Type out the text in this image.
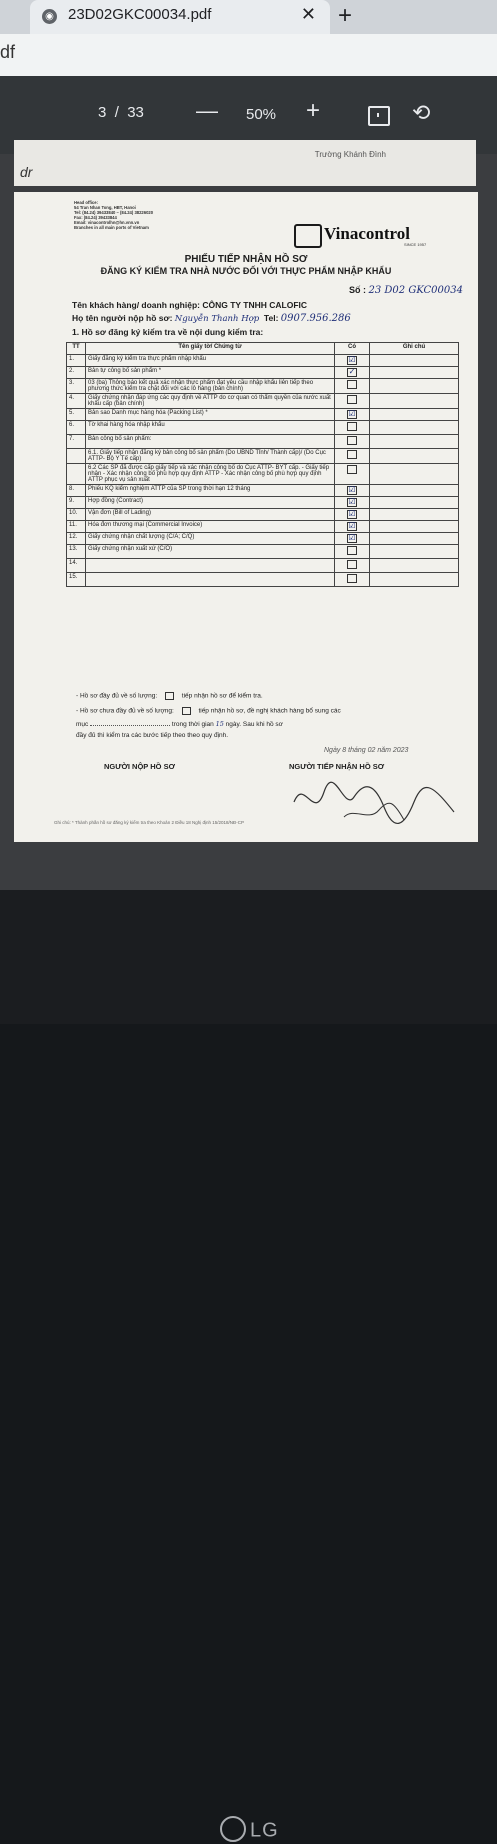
◉ 23D02GKC00034.pdf	✕ +
df
3 / 33 — 50% +	⟲
Trường Khánh Đình
dr
Head office:
54 Tran Nhan Tong, HBT, Hanoi
Tel: (84.24) 39433840 – (84.24) 38226020
Fax: (84.24) 39433844
Email: vinacontrolhn@hn.vnn.vn
Branches in all main ports of Vietnam	Vinacontrol
SINCE 1957
PHIẾU TIẾP NHẬN HỒ SƠ
ĐĂNG KÝ KIỂM TRA NHÀ NƯỚC ĐỐI VỚI THỰC PHẨM NHẬP KHẨU
Số : 23 D02 GKC00034
Tên khách hàng/ doanh nghiệp: CÔNG TY TNHH CALOFIC
Họ tên người nộp hồ sơ: Nguyễn Thanh Hợp Tel: 0907.956.286
1. Hồ sơ đăng ký kiểm tra về nội dung kiểm tra:
TT	Tên giấy tờ/ Chứng từ	Có	Ghi chú
1.	Giấy đăng ký kiểm tra thực phẩm nhập khẩu	☑	
2.	Bản tự công bố sản phẩm *	✓	
3.	03 (ba) Thông báo kết quả xác nhận thực phẩm đạt yêu cầu nhập khẩu liên tiếp theo phương thức kiểm tra chặt đối với các lô hàng (bản chính)		
4.	Giấy chứng nhận đáp ứng các quy định về ATTP do cơ quan có thẩm quyền của nước xuất khẩu cấp (bản chính)		
5.	Bản sao Danh mục hàng hóa (Packing List) *	☑	
6.	Tờ khai hàng hóa nhập khẩu		
7.	Bản công bố sản phẩm:		
	6.1. Giấy tiếp nhận đăng ký bản công bố sản phẩm (Do UBND Tỉnh/ Thành cấp)/ (Do Cục ATTP- Bộ Y Tế cấp)		
	6.2 Các SP đã được cấp giấy tiếp và xác nhận công bố do Cục ATTP- BYT cấp. - Giấy tiếp nhận - Xác nhận công bố phù hợp quy định ATTP - Xác nhận công bố phù hợp quy định ATTP phục vụ sản xuất		
8.	Phiếu KQ kiểm nghiệm ATTP của SP trong thời hạn 12 tháng	☑	
9.	Hợp đồng (Contract)	☑	
10.	Vận đơn (Bill of Lading)	☑	
11.	Hóa đơn thương mại (Commercial Invoice)	☑	
12.	Giấy chứng nhận chất lượng (C/A; C/Q)	☑	
13.	Giấy chứng nhận xuất xứ (C/O)		
14.			
15.			
- Hồ sơ đầy đủ về số lượng:	tiếp nhận hồ sơ để kiểm tra.
- Hồ sơ chưa đầy đủ về số lượng:	tiếp nhận hồ sơ, đề nghị khách hàng bổ sung các
mục	trong thời gian 15 ngày. Sau khi hồ sơ
đầy đủ thì kiểm tra các bước tiếp theo theo quy định.
Ngày 8 tháng 02 năm 2023
NGƯỜI NỘP HỒ SƠ	NGƯỜI TIẾP NHẬN HỒ SƠ
Ghi chú: * Thành phần hồ sơ đăng ký kiểm tra theo Khoản 2 Điều 18 Nghị định 15/2018/NĐ-CP
LG
